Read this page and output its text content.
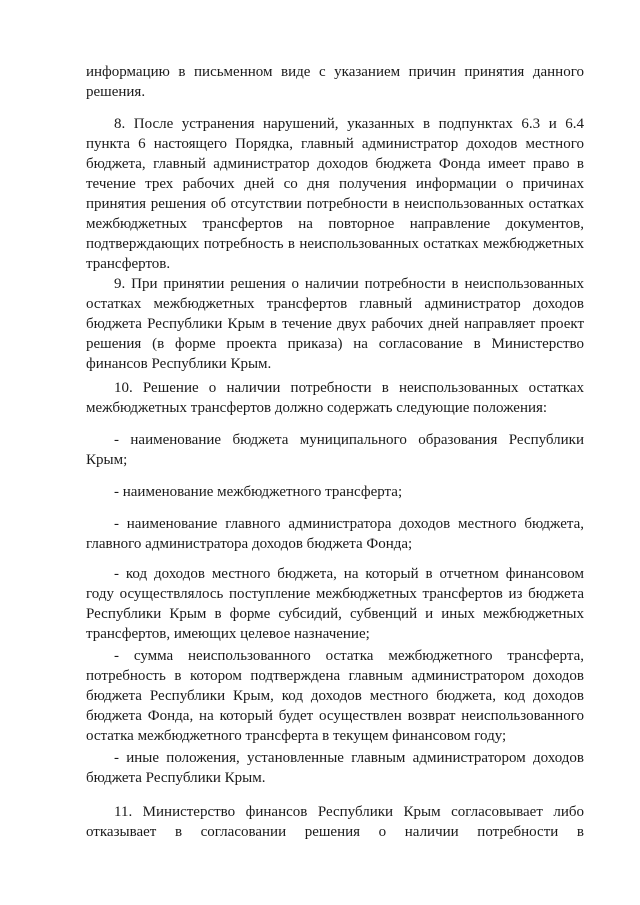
информацию в письменном виде с указанием причин принятия данного решения.

8. После устранения нарушений, указанных в подпунктах 6.3 и 6.4 пункта 6 настоящего Порядка, главный администратор доходов местного бюджета, главный администратор доходов бюджета Фонда имеет право в течение трех рабочих дней со дня получения информации о причинах принятия решения об отсутствии потребности в неиспользованных остатках межбюджетных трансфертов на повторное направление документов, подтверждающих потребность в неиспользованных остатках межбюджетных трансфертов.

9. При принятии решения о наличии потребности в неиспользованных остатках межбюджетных трансфертов главный администратор доходов бюджета Республики Крым в течение двух рабочих дней направляет проект решения (в форме проекта приказа) на согласование в Министерство финансов Республики Крым.

10. Решение о наличии потребности в неиспользованных остатках межбюджетных трансфертов должно содержать следующие положения:

- наименование бюджета муниципального образования Республики Крым;

- наименование межбюджетного трансферта;

- наименование главного администратора доходов местного бюджета, главного администратора доходов бюджета Фонда;

- код доходов местного бюджета, на который в отчетном финансовом году осуществлялось поступление межбюджетных трансфертов из бюджета Республики Крым в форме субсидий, субвенций и иных межбюджетных трансфертов, имеющих целевое назначение;

- сумма неиспользованного остатка межбюджетного трансферта, потребность в котором подтверждена главным администратором доходов бюджета Республики Крым, код доходов местного бюджета, код доходов бюджета Фонда, на который будет осуществлен возврат неиспользованного остатка межбюджетного трансферта в текущем финансовом году;

- иные положения, установленные главным администратором доходов бюджета Республики Крым.

11. Министерство финансов Республики Крым согласовывает либо отказывает в согласовании решения о наличии потребности в
